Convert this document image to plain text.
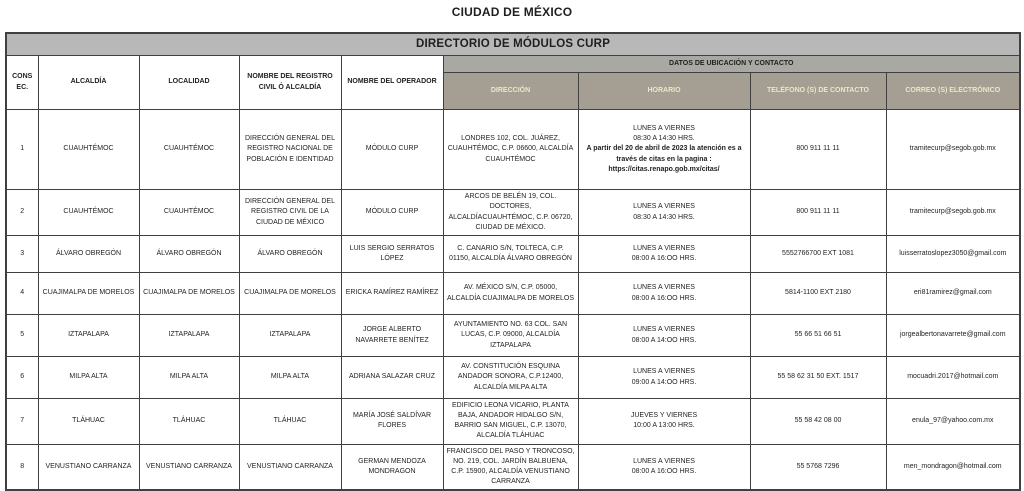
CIUDAD DE MÉXICO
DIRECTORIO DE MÓDULOS CURP								
CONSEC.	ALCALDÍA	LOCALIDAD	NOMBRE DEL REGISTRO CIVIL Ó ALCALDÍA	NOMBRE DEL OPERADOR	DATOS DE UBICACIÓN Y CONTACTO			
					DIRECCIÓN	HORARIO	TELÉFONO (S) DE CONTACTO	CORREO (S) ELECTRÓNICO
1	CUAUHTÉMOC	CUAUHTÉMOC	DIRECCIÓN GENERAL DEL REGISTRO NACIONAL DE POBLACIÓN E IDENTIDAD	MÓDULO CURP	LONDRES 102, COL. JUÁREZ, CUAUHTÉMOC, C.P. 06600, ALCALDÍA CUAUHTÉMOC	LUNES A VIERNES
08:30 A 14:30 HRS.
A partir del 20 de abril de 2023 la atención es a través de citas en la pagina :
https://citas.renapo.gob.mx/citas/	800 911 11 11	tramitecurp@segob.gob.mx
2	CUAUHTÉMOC	CUAUHTÉMOC	DIRECCIÓN GENERAL DEL REGISTRO CIVIL DE LA CIUDAD DE MÉXICO	MÓDULO CURP	ARCOS DE BELÉN 19, COL. DOCTORES, ALCALDÍACUAUHTÉMOC, C.P. 06720, CIUDAD DE MÉXICO.	LUNES A VIERNES
08:30 A 14:30 HRS.	800 911 11 11	tramitecurp@segob.gob.mx
3	ÁLVARO OBREGÓN	ÁLVARO OBREGÓN	ÁLVARO OBREGÓN	LUIS SERGIO SERRATOS LÓPEZ	C. CANARIO S/N, TOLTECA, C.P. 01150, ALCALDÍA ÁLVARO OBREGÓN	LUNES A VIERNES
08:00 A 16:OO HRS.	5552766700 EXT 1081	luisserratoslopez3050@gmail.com
4	CUAJIMALPA DE MORELOS	CUAJIMALPA DE MORELOS	CUAJIMALPA DE MORELOS	ERICKA RAMÍREZ RAMÍREZ	AV. MÉXICO S/N, C.P. 05000, ALCALDÍA CUAJIMALPA DE MORELOS	LUNES A VIERNES
08:00 A 16:OO HRS.	5814-1100 EXT 2180	eri81ramirez@gmail.com
5	IZTAPALAPA	IZTAPALAPA	IZTAPALAPA	JORGE ALBERTO NAVARRETE BENÍTEZ	AYUNTAMIENTO NO. 63 COL. SAN LUCAS, C.P. 09000, ALCALDÍA IZTAPALAPA	LUNES A VIERNES
08:00 A 14:OO HRS.	55 66 51 66 51	jorgealbertonavarrete@gmail.com
6	MILPA ALTA	MILPA ALTA	MILPA ALTA	ADRIANA SALAZAR CRUZ	AV. CONSTITUCIÓN ESQUINA ANDADOR SONORA, C.P.12400, ALCALDÍA MILPA ALTA	LUNES A VIERNES
09:00 A 14:OO HRS.	55 58 62 31 50 EXT. 1517	mocuadri.2017@hotmail.com
7	TLÁHUAC	TLÁHUAC	TLÁHUAC	MARÍA JOSÉ SALDÍVAR FLORES	EDIFICIO LEONA VICARIO, PLANTA BAJA, ANDADOR HIDALGO S/N, BARRIO SAN MIGUEL, C.P. 13070, ALCALDÍA TLÁHUAC	JUEVES Y VIERNES
10:00 A 13:00 HRS.	55 58 42 08 00	enula_97@yahoo.com.mx
8	VENUSTIANO CARRANZA	VENUSTIANO CARRANZA	VENUSTIANO CARRANZA	GERMAN MENDOZA MONDRAGON	FRANCISCO DEL PASO Y TRONCOSO, NO. 219, COL. JARDÍN BALBUENA, C.P. 15900, ALCALDÍA VENUSTIANO CARRANZA	LUNES A VIERNES
08:00 A 16:OO HRS.	55 5768 7296	men_mondragon@hotmail.com
